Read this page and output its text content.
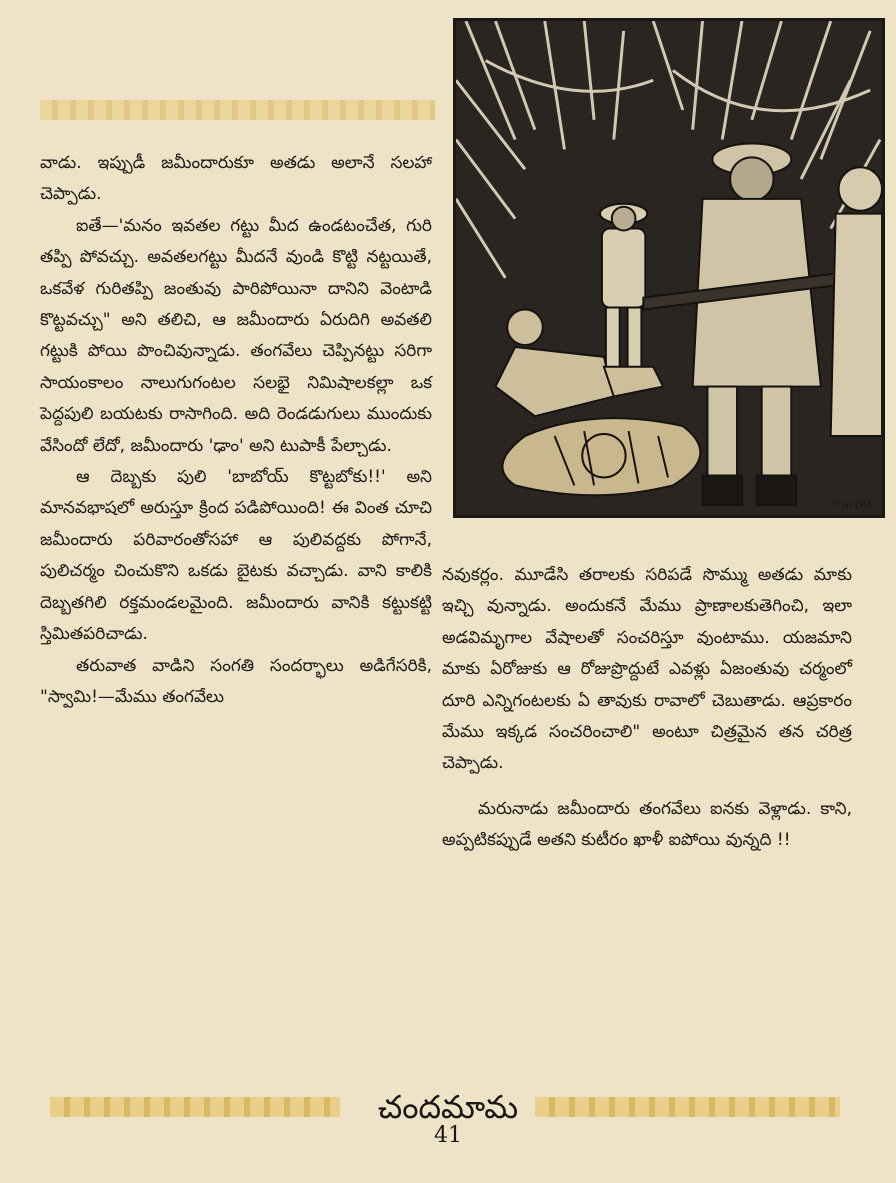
CHITRA

వాడు. ఇప్పుడీ జమీందారుకూ అతడు అలానే సలహా చెప్పాడు.

ఐతే—'మనం ఇవతల గట్టు మీద ఉండటంచేత, గురి తప్పి పోవచ్చు. అవతలగట్టు మీదనే వుండి కొట్టి నట్టయితే, ఒకవేళ గురితప్పి జంతువు పారిపోయినా దానిని వెంటాడి కొట్టవచ్చు" అని తలిచి, ఆ జమీందారు ఏరుదిగి అవతలి గట్టుకి పోయి పొంచివున్నాడు. తంగవేలు చెప్పినట్టు సరిగా సాయంకాలం నాలుగుగంటల సలభై నిమిషాలకల్లా ఒక పెద్దపులి బయటకు రాసాగింది. అది రెండడుగులు ముందుకు వేసిందో లేదో, జమీందారు 'ఢాం' అని టుపాకీ పేల్చాడు.

ఆ దెబ్బకు పులి 'బాబోయ్ కొట్టబోకు!!' అని మానవభాషలో అరుస్తూ క్రింద పడిపోయింది! ఈ వింత చూచి జమీందారు పరివారంతోసహా ఆ పులివద్దకు పోగానే, పులిచర్మం చించుకొని ఒకడు బైటకు వచ్చాడు. వాని కాలికి దెబ్బతగిలి రక్తమండలమైంది. జమీందారు వానికి కట్టుకట్టి స్తిమితపరిచాడు.

తరువాత వాడిని సంగతి సందర్భాలు అడిగేసరికి, "స్వామి!—మేము తంగవేలు

నవుకర్లం. మూడేసి తరాలకు సరిపడే సొమ్ము అతడు మాకు ఇచ్చి వున్నాడు. అందుకనే మేము ప్రాణాలకుతెగించి, ఇలా అడవిమృగాల వేషాలతో సంచరిస్తూ వుంటాము. యజమాని మాకు ఏరోజుకు ఆ రోజుప్రొద్దుటే ఎవళ్లు ఏజంతువు చర్మంలో దూరి ఎన్నిగంటలకు ఏ తావుకు రావాలో చెబుతాడు. ఆప్రకారం మేము ఇక్కడ సంచరించాలి" అంటూ చిత్రమైన తన చరిత్ర చెప్పాడు.

మరునాడు జమీందారు తంగవేలు ఐనకు వెళ్లాడు. కాని, అప్పటికప్పుడే అతని కుటీరం ఖాళీ ఐపోయి వున్నది !!

చందమామ
41
